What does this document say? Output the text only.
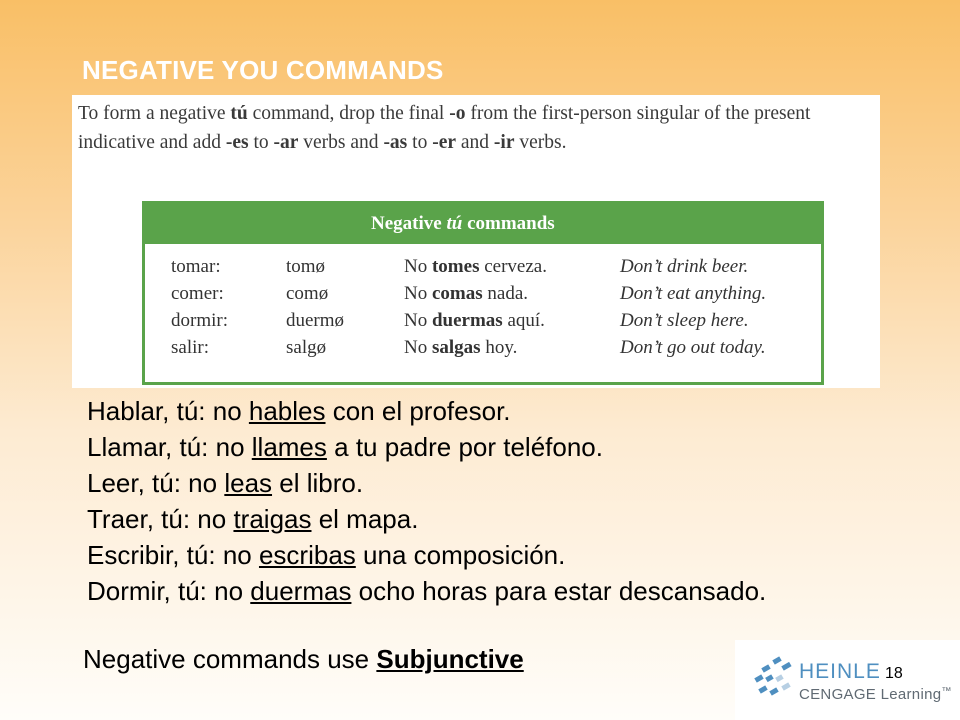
NEGATIVE YOU COMMANDS
To form a negative tú command, drop the final -o from the first-person singular of the present indicative and add -es to -ar verbs and -as to -er and -ir verbs.
Negative tú commands
tomar:	tomø	No tomes cerveza.	Don’t drink beer.
comer:	comø	No comas nada.	Don’t eat anything.
dormir:	duermø	No duermas aquí.	Don’t sleep here.
salir:	salgø	No salgas hoy.	Don’t go out today.
Hablar, tú: no hables con el profesor.
Llamar, tú: no llames a tu padre por teléfono.
Leer, tú: no leas el libro.
Traer, tú: no traigas el mapa.
Escribir, tú: no escribas una composición.
Dormir, tú: no duermas ocho horas para estar descansado.
Negative commands use Subjunctive	HEINLE
CENGAGE Learning™
18
